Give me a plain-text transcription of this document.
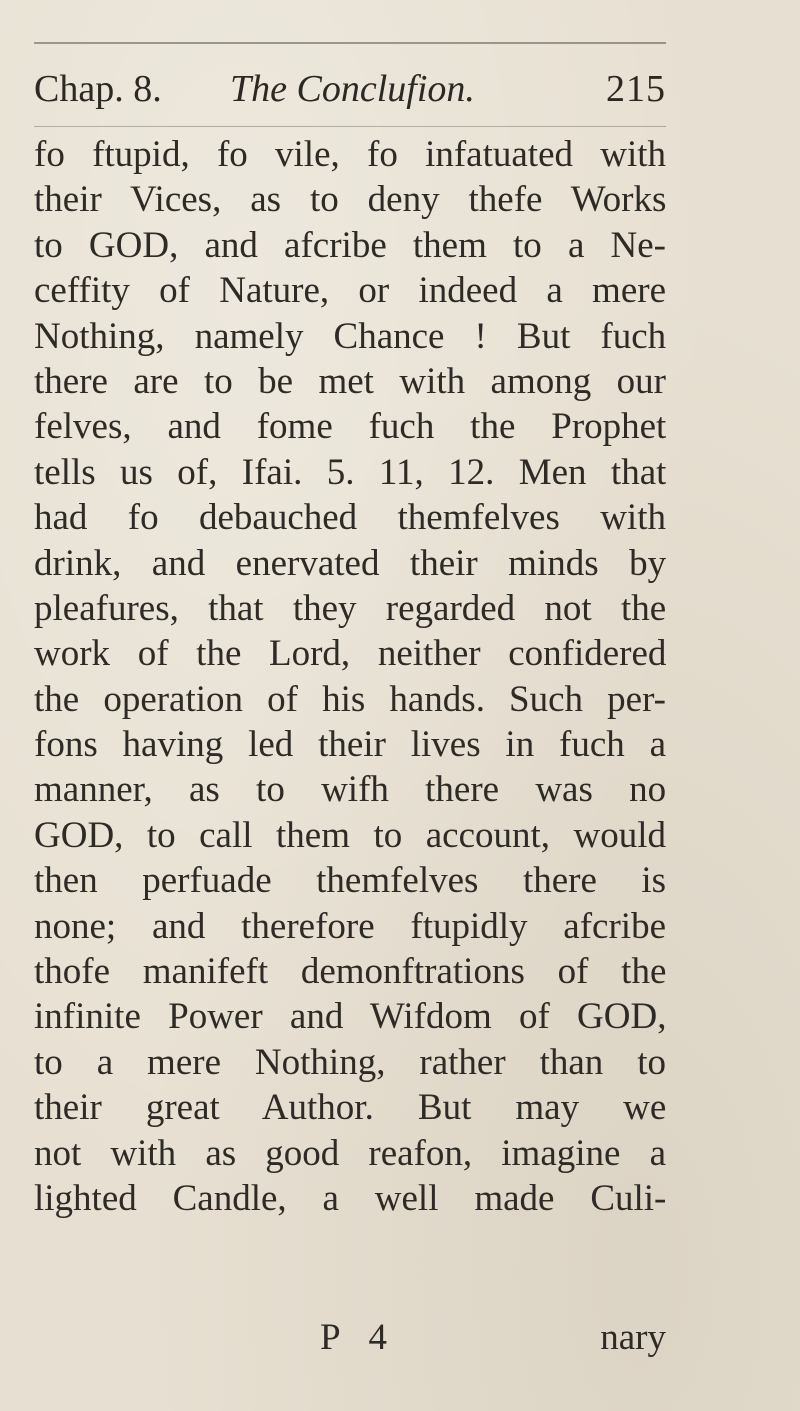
Chap. 8. The Conclufion.	215
fo ftupid, fo vile, fo infatuated with
their Vices, as to deny thefe Works
to GOD, and afcribe them to a Ne-
ceffity of Nature, or indeed a mere
Nothing, namely Chance ! But fuch
there are to be met with among our
felves, and fome fuch the Prophet
tells us of, Ifai. 5. 11, 12. Men that
had fo debauched themfelves with
drink, and enervated their minds by
pleafures, that they regarded not the
work of the Lord, neither confidered
the operation of his hands. Such per-
fons having led their lives in fuch a
manner, as to wifh there was no
GOD, to call them to account, would
then perfuade themfelves there is
none; and therefore ftupidly afcribe
thofe manifeft demonftrations of the
infinite Power and Wifdom of GOD,
to a mere Nothing, rather than to
their great Author. But may we
not with as good reafon, imagine a
lighted Candle, a well made Culi-
P 4	nary
